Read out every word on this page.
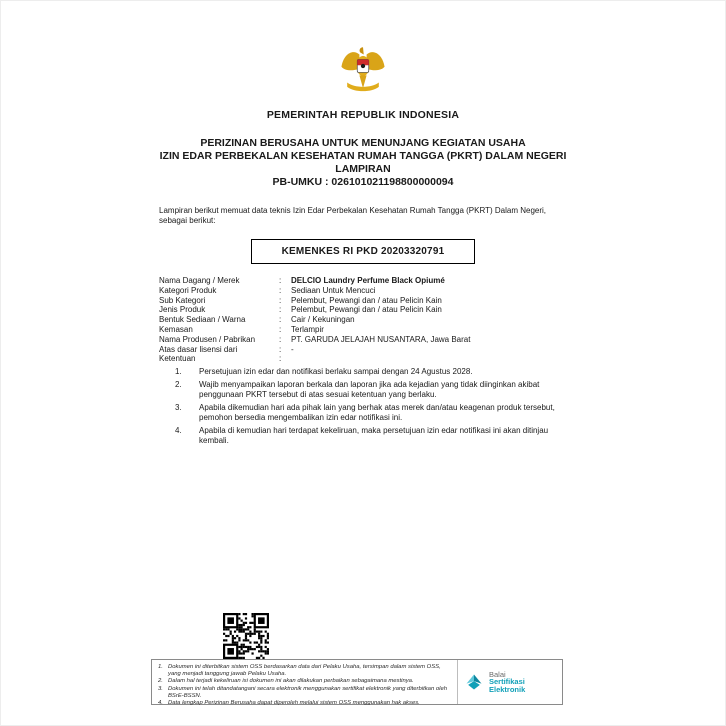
PEMERINTAH REPUBLIK INDONESIA
PERIZINAN BERUSAHA UNTUK MENUNJANG KEGIATAN USAHA
IZIN EDAR PERBEKALAN KESEHATAN RUMAH TANGGA (PKRT) DALAM NEGERI
LAMPIRAN
PB-UMKU : 026101021198800000094
Lampiran berikut memuat data teknis Izin Edar Perbekalan Kesehatan Rumah Tangga (PKRT) Dalam Negeri, sebagai berikut:
KEMENKES RI PKD 20203320791
Nama Dagang / Merek	:	DELCIO Laundry Perfume Black Opiumé
Kategori Produk	:	Sediaan Untuk Mencuci
Sub Kategori	:	Pelembut, Pewangi dan / atau Pelicin Kain
Jenis Produk	:	Pelembut, Pewangi dan / atau Pelicin Kain
Bentuk Sediaan / Warna	:	Cair / Kekuningan
Kemasan	:	Terlampir
Nama Produsen / Pabrikan	:	PT. GARUDA JELAJAH NUSANTARA, Jawa Barat
Atas dasar lisensi dari	:	-
Ketentuan	:
1.	Persetujuan izin edar dan notifikasi berlaku sampai dengan 24 Agustus 2028.
2.	Wajib menyampaikan laporan berkala dan laporan jika ada kejadian yang tidak diinginkan akibat penggunaan PKRT tersebut di atas sesuai ketentuan yang berlaku.
3.	Apabila dikemudian hari ada pihak lain yang berhak atas merek dan/atau keagenan produk tersebut, pemohon bersedia mengembalikan izin edar notifikasi ini.
4.	Apabila di kemudian hari terdapat kekeliruan, maka persetujuan izin edar notifikasi ini akan ditinjau kembali.
1. Dokumen ini diterbitkan sistem OSS berdasarkan data dari Pelaku Usaha, tersimpan dalam sistem OSS, yang menjadi tanggung jawab Pelaku Usaha.
2. Dalam hal terjadi kekeliruan isi dokumen ini akan dilakukan perbaikan sebagaimana mestinya.
3. Dokumen ini telah ditandatangani secara elektronik menggunakan sertifikat elektronik yang diterbitkan oleh BSrE-BSSN.
4. Data lengkap Perizinan Berusaha dapat diperoleh melalui sistem OSS menggunakan hak akses.
Balai
Sertifikasi
Elektronik
